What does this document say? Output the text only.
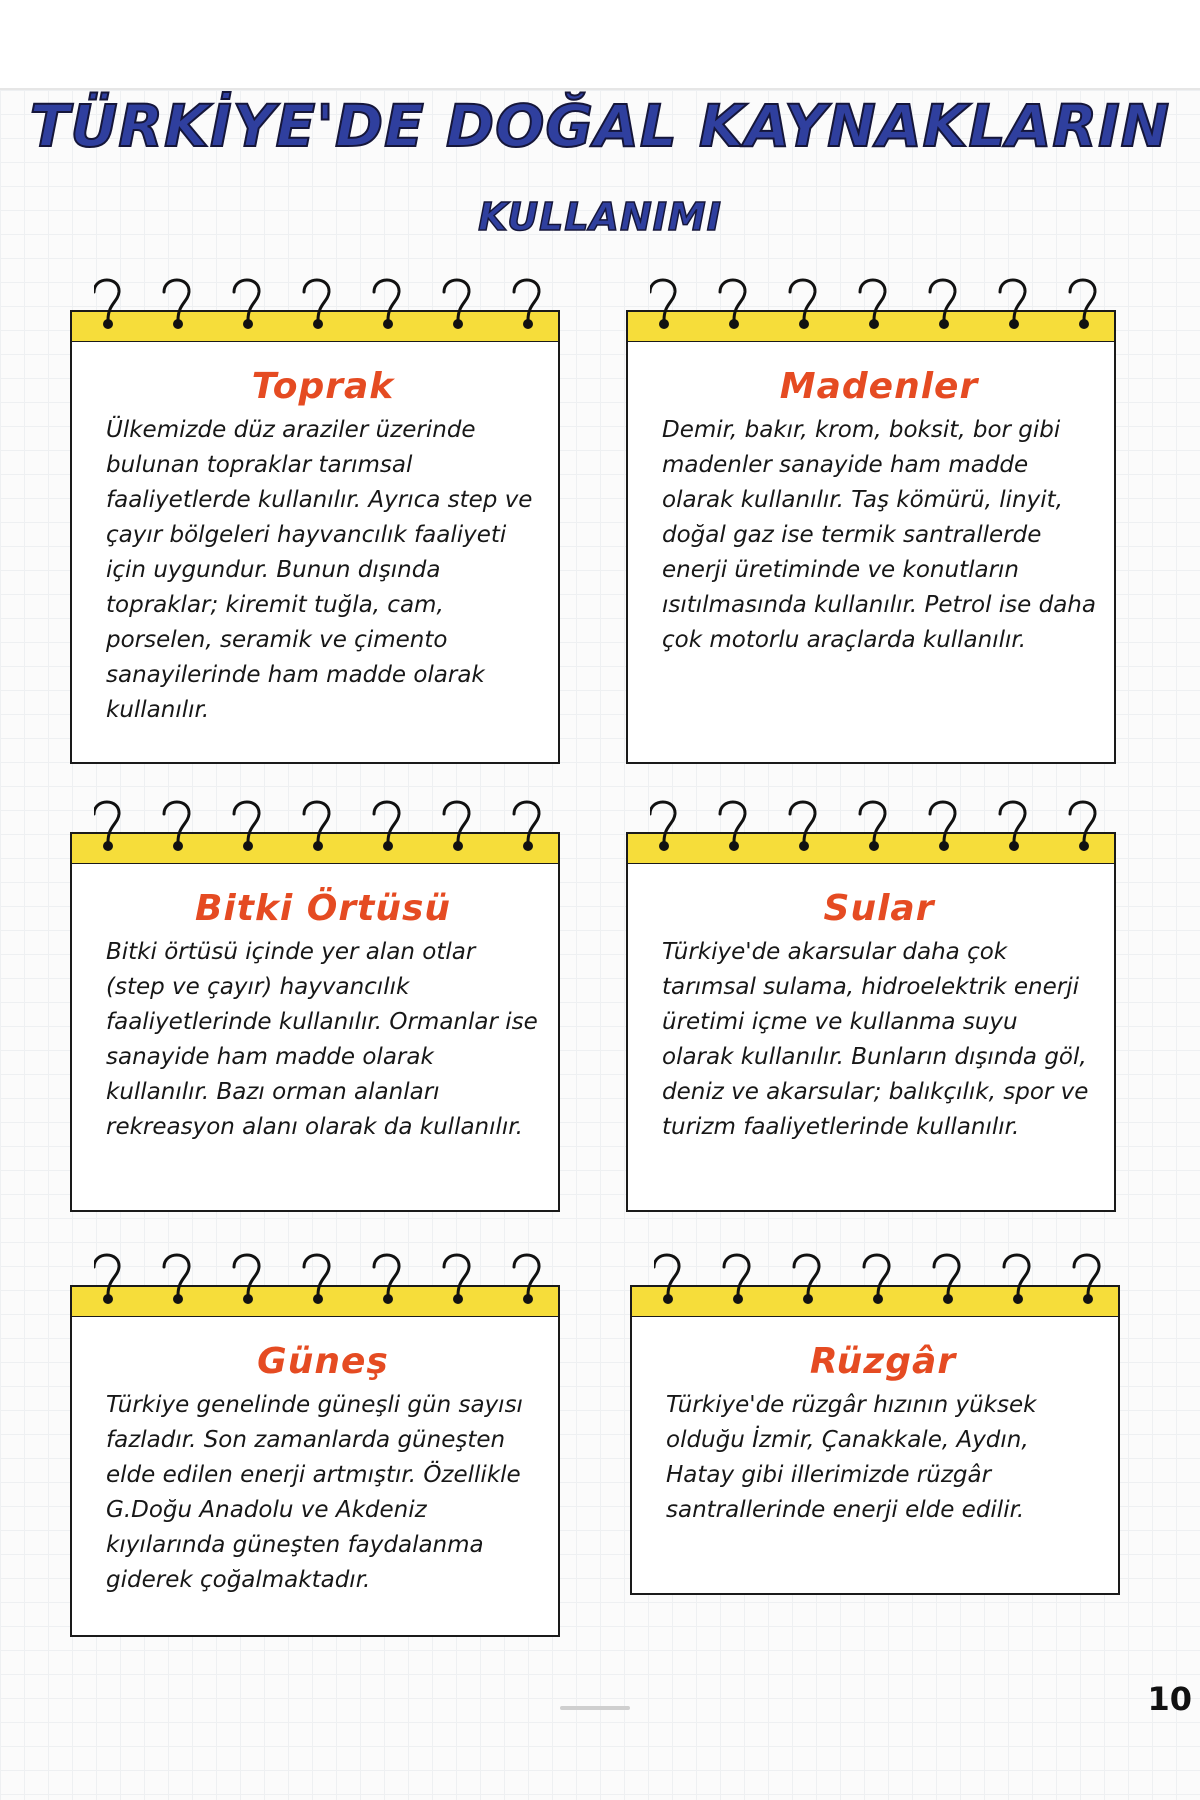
TÜRKİYE'DE DOĞAL KAYNAKLARIN
KULLANIMI
Toprak

Ülkemizde düz araziler üzerinde bulunan topraklar tarımsal faaliyetlerde kullanılır. Ayrıca step ve çayır bölgeleri hayvancılık faaliyeti için uygundur. Bunun dışında topraklar; kiremit tuğla, cam, porselen, seramik ve çimento sanayilerinde ham madde olarak kullanılır.

Madenler

Demir, bakır, krom, boksit, bor gibi madenler sanayide ham madde olarak kullanılır. Taş kömürü, linyit, doğal gaz ise termik santrallerde enerji üretiminde ve konutların ısıtılmasında kullanılır. Petrol ise daha çok motorlu araçlarda kullanılır.

Bitki Örtüsü

Bitki örtüsü içinde yer alan otlar (step ve çayır) hayvancılık faaliyetlerinde kullanılır. Ormanlar ise sanayide ham madde olarak kullanılır. Bazı orman alanları rekreasyon alanı olarak da kullanılır.

Sular

Türkiye'de akarsular daha çok tarımsal sulama, hidroelektrik enerji üretimi içme ve kullanma suyu olarak kullanılır. Bunların dışında göl, deniz ve akarsular; balıkçılık, spor ve turizm faaliyetlerinde kullanılır.

Güneş

Türkiye genelinde güneşli gün sayısı fazladır. Son zamanlarda güneşten elde edilen enerji artmıştır. Özellikle G.Doğu Anadolu ve Akdeniz kıyılarında güneşten faydalanma giderek çoğalmaktadır.

Rüzgâr

Türkiye'de rüzgâr hızının yüksek olduğu İzmir, Çanakkale, Aydın, Hatay gibi illerimizde rüzgâr santrallerinde enerji elde edilir.

10
